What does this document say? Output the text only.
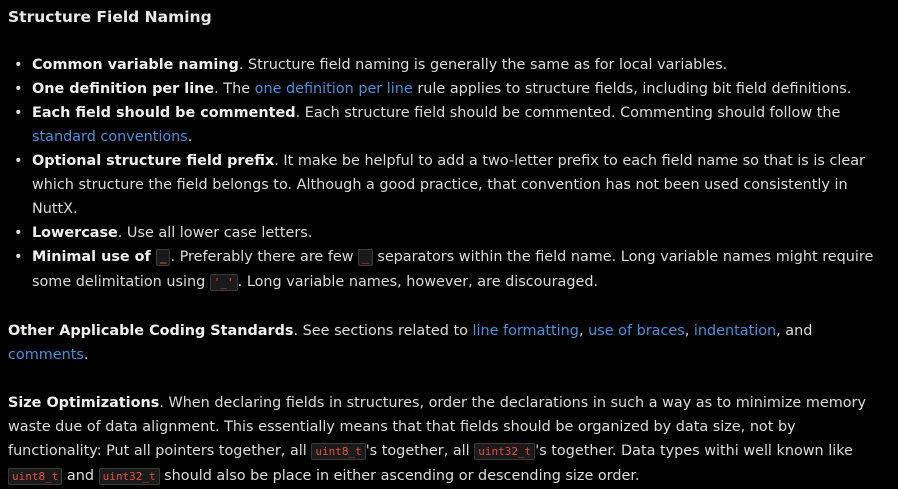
Structure Field Naming
• Common variable naming. Structure field naming is generally the same as for local variables.
• One definition per line. The one definition per line rule applies to structure fields, including bit field definitions.
• Each field should be commented. Each structure field should be commented. Commenting should follow the standard conventions.
• Optional structure field prefix. It make be helpful to add a two-letter prefix to each field name so that is is clear which structure the field belongs to. Although a good practice, that convention has not been used consistently in NuttX.
• Lowercase. Use all lower case letters.
• Minimal use of _ . Preferably there are few _ separators within the field name. Long variable names might require some delimitation using '_' . Long variable names, however, are discouraged.

Other Applicable Coding Standards. See sections related to line formatting, use of braces, indentation, and comments.

Size Optimizations. When declaring fields in structures, order the declarations in such a way as to minimize memory waste due of data alignment. This essentially means that that fields should be organized by data size, not by functionality: Put all pointers together, all uint8_t 's together, all uint32_t 's together. Data types withi well known like uint8_t and uint32_t should also be place in either ascending or descending size order.
